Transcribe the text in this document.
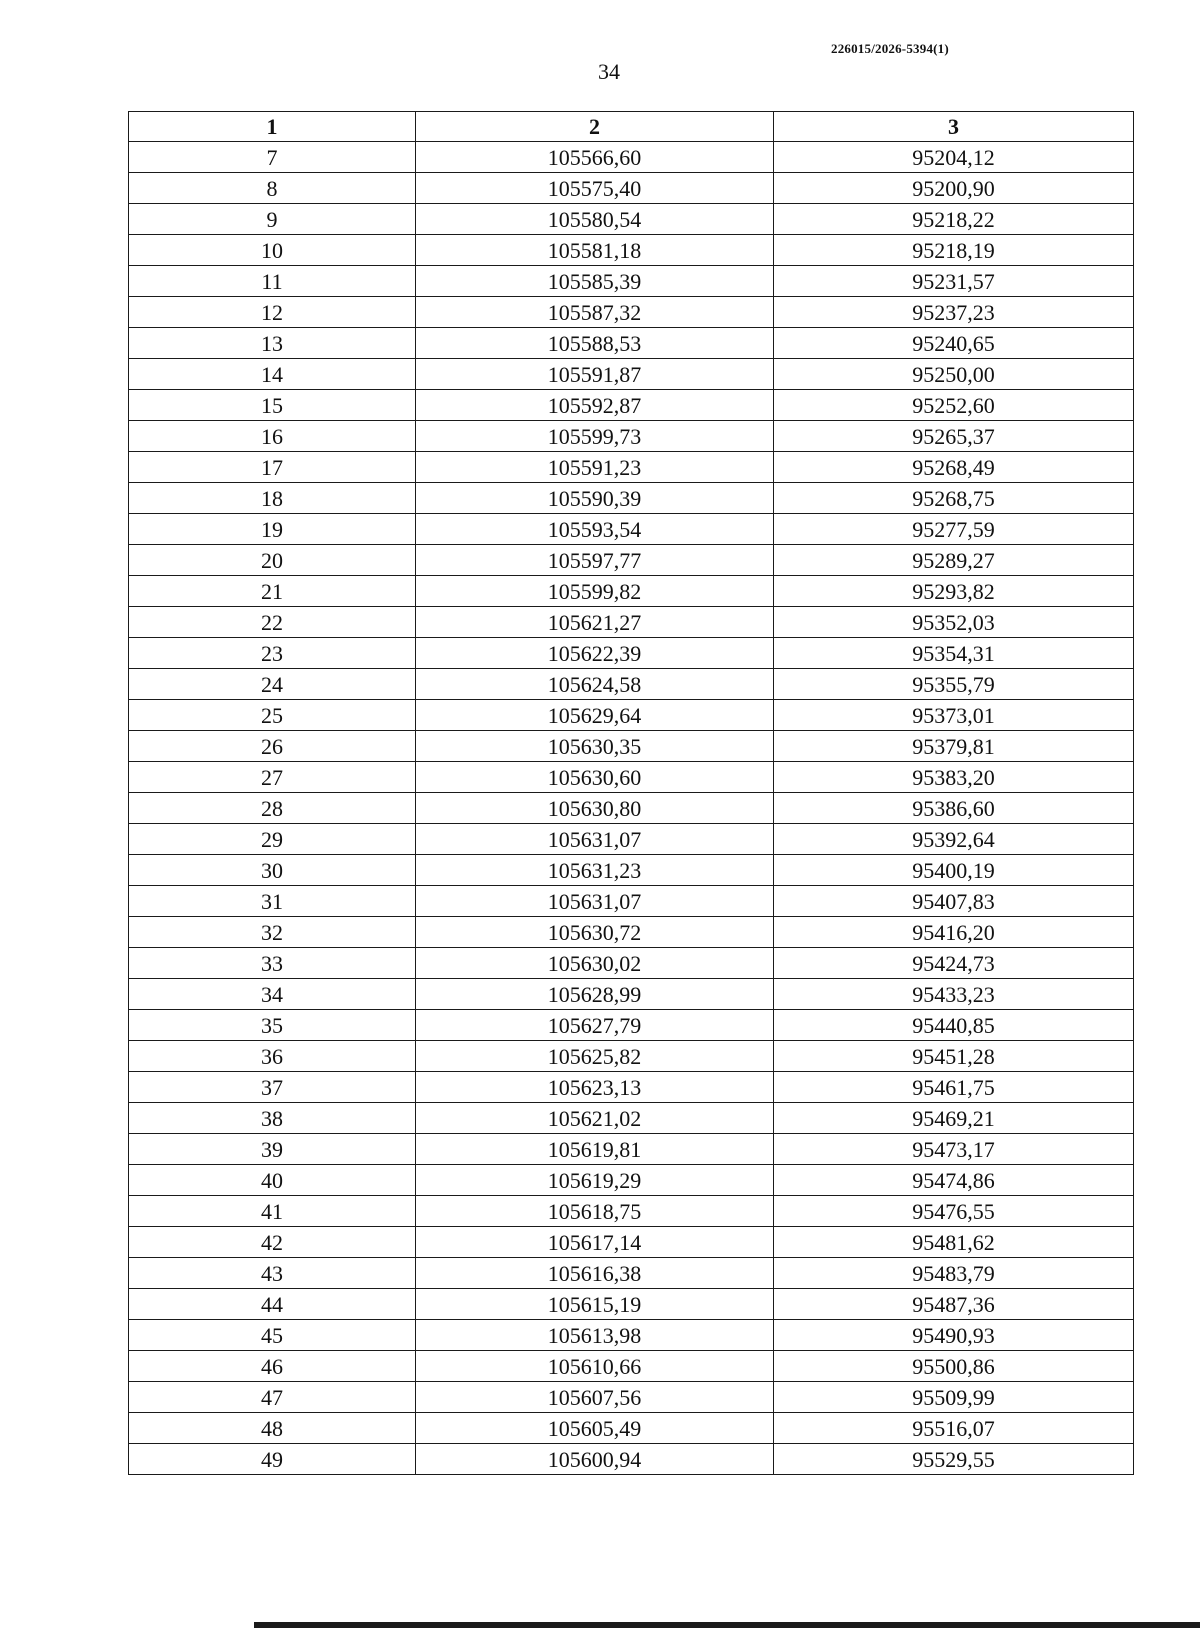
226015/2026-5394(1)
34
1	2	3
7	105566,60	95204,12
8	105575,40	95200,90
9	105580,54	95218,22
10	105581,18	95218,19
11	105585,39	95231,57
12	105587,32	95237,23
13	105588,53	95240,65
14	105591,87	95250,00
15	105592,87	95252,60
16	105599,73	95265,37
17	105591,23	95268,49
18	105590,39	95268,75
19	105593,54	95277,59
20	105597,77	95289,27
21	105599,82	95293,82
22	105621,27	95352,03
23	105622,39	95354,31
24	105624,58	95355,79
25	105629,64	95373,01
26	105630,35	95379,81
27	105630,60	95383,20
28	105630,80	95386,60
29	105631,07	95392,64
30	105631,23	95400,19
31	105631,07	95407,83
32	105630,72	95416,20
33	105630,02	95424,73
34	105628,99	95433,23
35	105627,79	95440,85
36	105625,82	95451,28
37	105623,13	95461,75
38	105621,02	95469,21
39	105619,81	95473,17
40	105619,29	95474,86
41	105618,75	95476,55
42	105617,14	95481,62
43	105616,38	95483,79
44	105615,19	95487,36
45	105613,98	95490,93
46	105610,66	95500,86
47	105607,56	95509,99
48	105605,49	95516,07
49	105600,94	95529,55
